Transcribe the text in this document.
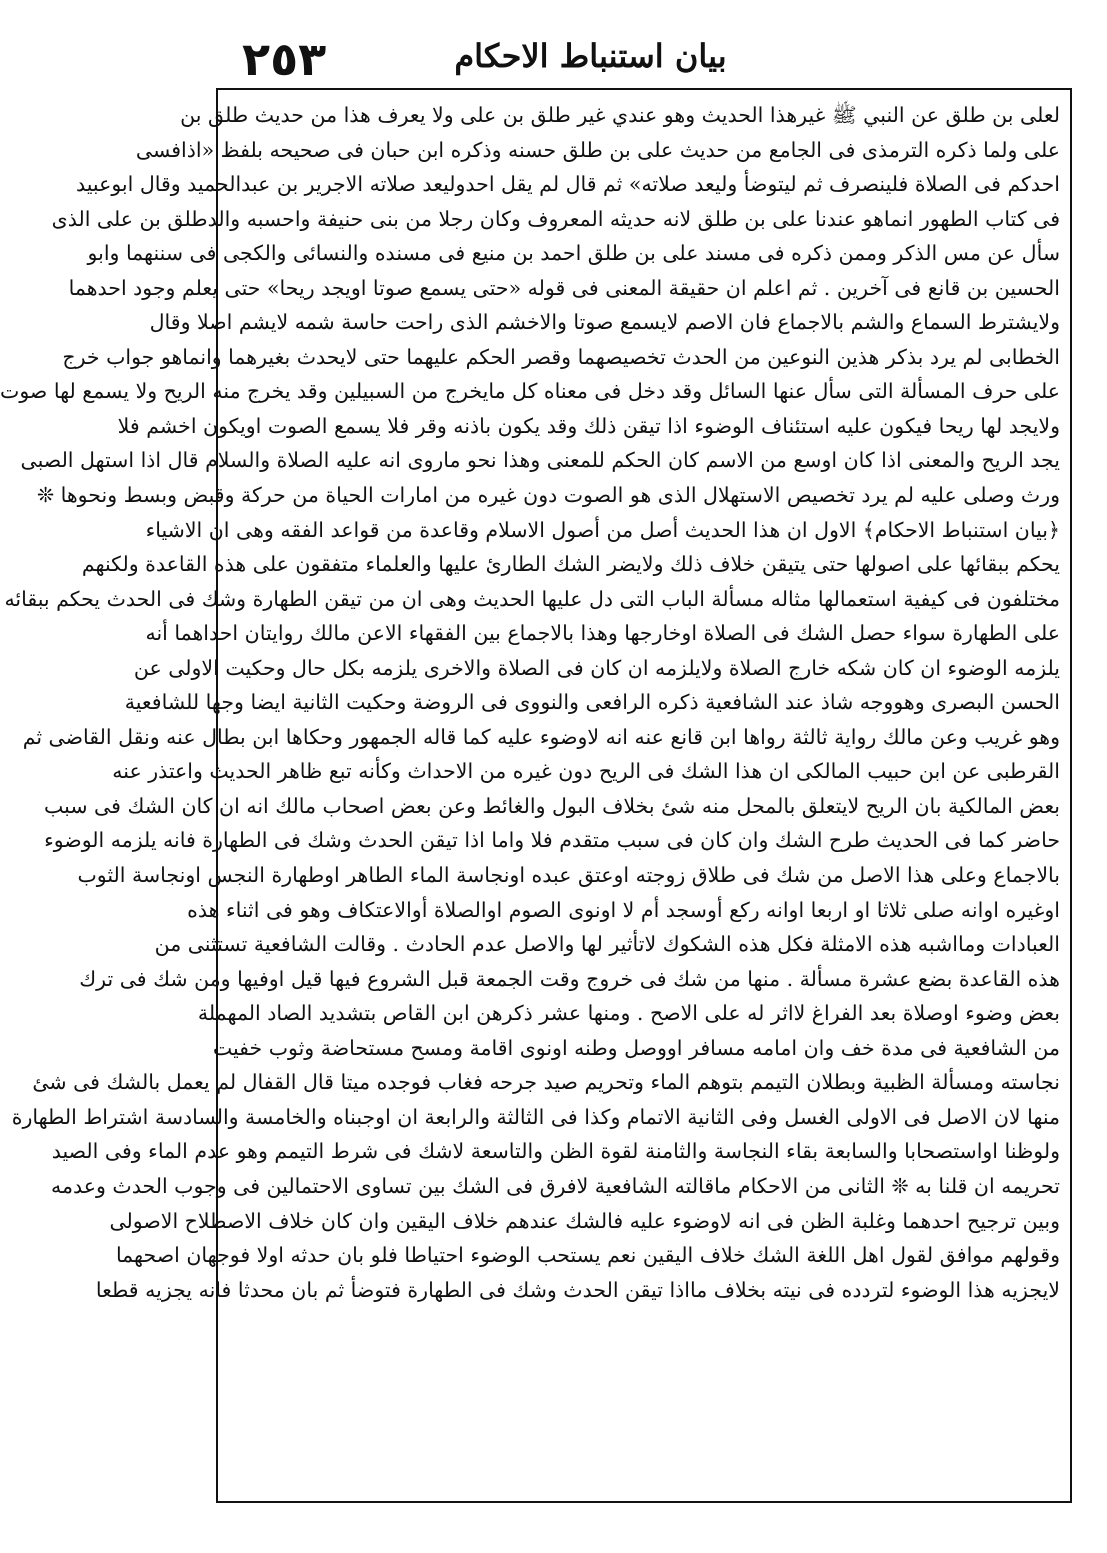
٢٥٣	بيان استنباط الاحكام
لعلى بن طلق عن النبي ﷺ غيرهذا الحديث وهو عندي غير طلق بن على ولا يعرف هذا من حديث طلق بن
على ولما ذكره الترمذى فى الجامع من حديث على بن طلق حسنه وذكره ابن حبان فى صحيحه بلفظ «اذافسى
احدكم فى الصلاة فلينصرف ثم ليتوضأ وليعد صلاته» ثم قال لم يقل احدوليعد صلاته الاجرير بن عبدالحميد وقال ابوعبيد
فى كتاب الطهور انماهو عندنا على بن طلق لانه حديثه المعروف وكان رجلا من بنى حنيفة واحسبه والدطلق بن على الذى
سأل عن مس الذكر وممن ذكره فى مسند على بن طلق احمد بن منيع فى مسنده والنسائى والكجى فى سننهما وابو
الحسين بن قانع فى آخرين . ثم اعلم ان حقيقة المعنى فى قوله «حتى يسمع صوتا اويجد ريحا» حتى يعلم وجود احدهما
ولايشترط السماع والشم بالاجماع فان الاصم لايسمع صوتا والاخشم الذى راحت حاسة شمه لايشم اصلا وقال
الخطابى لم يرد بذكر هذين النوعين من الحدث تخصيصهما وقصر الحكم عليهما حتى لايحدث بغيرهما وانماهو جواب خرج
على حرف المسألة التى سأل عنها السائل وقد دخل فى معناه كل مايخرج من السبيلين وقد يخرج منه الريح ولا يسمع لها صوت
ولايجد لها ريحا فيكون عليه استئناف الوضوء اذا تيقن ذلك وقد يكون باذنه وقر فلا يسمع الصوت اويكون اخشم فلا
يجد الريح والمعنى اذا كان اوسع من الاسم كان الحكم للمعنى وهذا نحو ماروى انه عليه الصلاة والسلام قال اذا استهل الصبى
ورث وصلى عليه لم يرد تخصيص الاستهلال الذى هو الصوت دون غيره من امارات الحياة من حركة وقبض وبسط ونحوها ❊
﴿بيان استنباط الاحكام﴾ الاول ان هذا الحديث أصل من أصول الاسلام وقاعدة من قواعد الفقه وهى ان الاشياء
يحكم ببقائها على اصولها حتى يتيقن خلاف ذلك ولايضر الشك الطارئ عليها والعلماء متفقون على هذه القاعدة ولكنهم
مختلفون فى كيفية استعمالها مثاله مسألة الباب التى دل عليها الحديث وهى ان من تيقن الطهارة وشك فى الحدث يحكم ببقائه
على الطهارة سواء حصل الشك فى الصلاة اوخارجها وهذا بالاجماع بين الفقهاء الاعن مالك روايتان احداهما أنه
يلزمه الوضوء ان كان شكه خارج الصلاة ولايلزمه ان كان فى الصلاة والاخرى يلزمه بكل حال وحكيت الاولى عن
الحسن البصرى وهووجه شاذ عند الشافعية ذكره الرافعى والنووى فى الروضة وحكيت الثانية ايضا وجها للشافعية
وهو غريب وعن مالك رواية ثالثة رواها ابن قانع عنه انه لاوضوء عليه كما قاله الجمهور وحكاها ابن بطال عنه ونقل القاضى ثم
القرطبى عن ابن حبيب المالكى ان هذا الشك فى الريح دون غيره من الاحداث وكأنه تبع ظاهر الحديث واعتذر عنه
بعض المالكية بان الريح لايتعلق بالمحل منه شئ بخلاف البول والغائط وعن بعض اصحاب مالك انه ان كان الشك فى سبب
حاضر كما فى الحديث طرح الشك وان كان فى سبب متقدم فلا واما اذا تيقن الحدث وشك فى الطهارة فانه يلزمه الوضوء
بالاجماع وعلى هذا الاصل من شك فى طلاق زوجته اوعتق عبده اونجاسة الماء الطاهر اوطهارة النجس اونجاسة الثوب
اوغيره اوانه صلى ثلاثا او اربعا اوانه ركع أوسجد أم لا اونوى الصوم اوالصلاة أوالاعتكاف وهو فى اثناء هذه
العبادات ومااشبه هذه الامثلة فكل هذه الشكوك لاتأثير لها والاصل عدم الحادث . وقالت الشافعية تستثنى من
هذه القاعدة بضع عشرة مسألة . منها من شك فى خروج وقت الجمعة قبل الشروع فيها قيل اوفيها ومن شك فى ترك
بعض وضوء اوصلاة بعد الفراغ لااثر له على الاصح . ومنها عشر ذكرهن ابن القاص بتشديد الصاد المهملة
من الشافعية فى مدة خف وان امامه مسافر اووصل وطنه اونوى اقامة ومسح مستحاضة وثوب خفيت
نجاسته ومسألة الظبية وبطلان التيمم بتوهم الماء وتحريم صيد جرحه فغاب فوجده ميتا قال القفال لم يعمل بالشك فى شئ
منها لان الاصل فى الاولى الغسل وفى الثانية الاتمام وكذا فى الثالثة والرابعة ان اوجبناه والخامسة والسادسة اشتراط الطهارة
ولوظنا اواستصحابا والسابعة بقاء النجاسة والثامنة لقوة الظن والتاسعة لاشك فى شرط التيمم وهو عدم الماء وفى الصيد
تحريمه ان قلنا به ❊ الثانى من الاحكام ماقالته الشافعية لافرق فى الشك بين تساوى الاحتمالين فى وجوب الحدث وعدمه
وبين ترجيح احدهما وغلبة الظن فى انه لاوضوء عليه فالشك عندهم خلاف اليقين وان كان خلاف الاصطلاح الاصولى
وقولهم موافق لقول اهل اللغة الشك خلاف اليقين نعم يستحب الوضوء احتياطا فلو بان حدثه اولا فوجهان اصحهما
لايجزيه هذا الوضوء لتردده فى نيته بخلاف مااذا تيقن الحدث وشك فى الطهارة فتوضأ ثم بان محدثا فانه يجزيه قطعا
